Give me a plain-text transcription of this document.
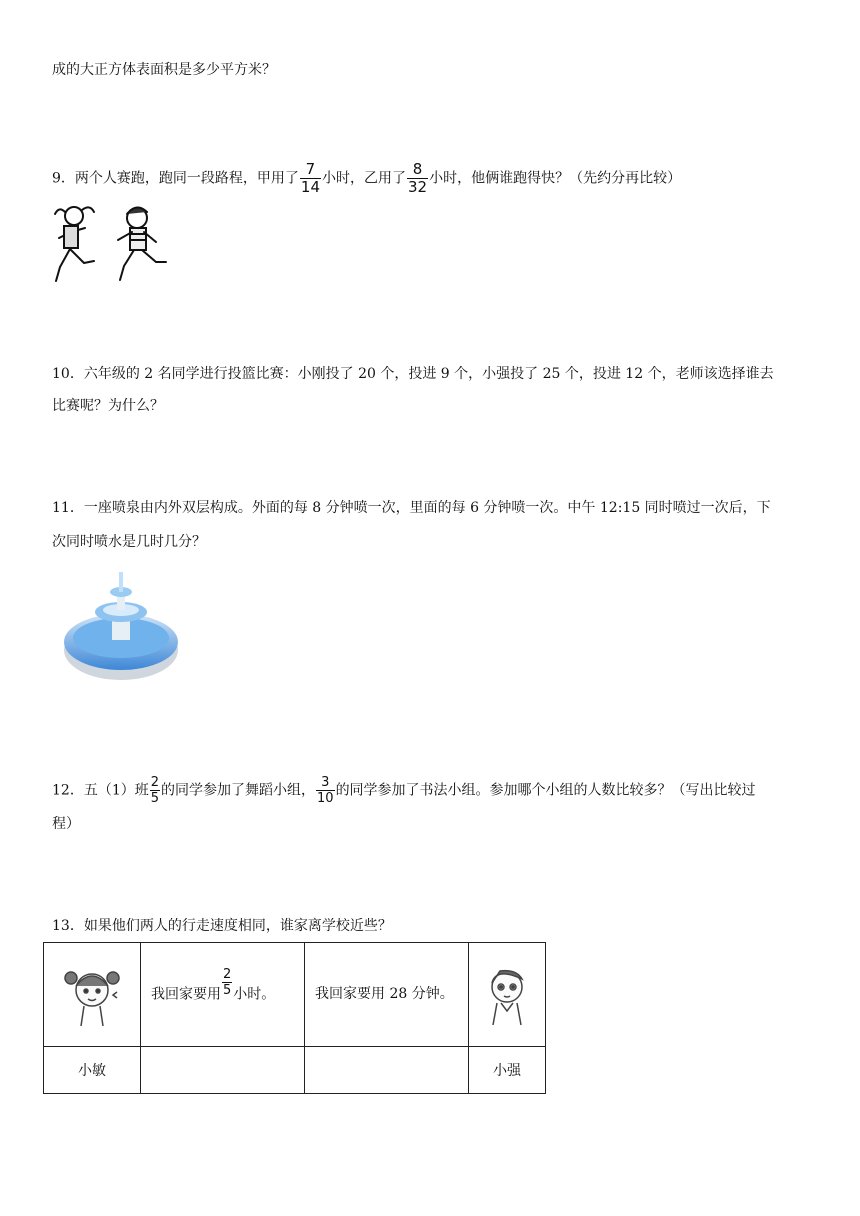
成的大正方体表面积是多少平方米？
9．两个人赛跑，跑同一段路程，甲用了 $\frac{7}{14}$ 小时，乙用了 $\frac{8}{32}$ 小时，他俩谁跑得快？（先约分再比较）
10．六年级的 2 名同学进行投篮比赛：小刚投了 20 个，投进 9 个，小强投了 25 个，投进 12 个，老师该选择谁去
比赛呢？为什么？
11．一座喷泉由内外双层构成。外面的每 8 分钟喷一次，里面的每 6 分钟喷一次。中午 12:15 同时喷过一次后，下
次同时喷水是几时几分？
12．五（1）班 $\frac{2}{5}$ 的同学参加了舞蹈小组， $\frac{3}{10}$ 的同学参加了书法小组。参加哪个小组的人数比较多？（写出比较过
程）
13．如果他们两人的行走速度相同，谁家离学校近些？
	我回家要用 $\frac{2}{5}$ 小时。	我回家要用 28 分钟。	
小敏			小强
